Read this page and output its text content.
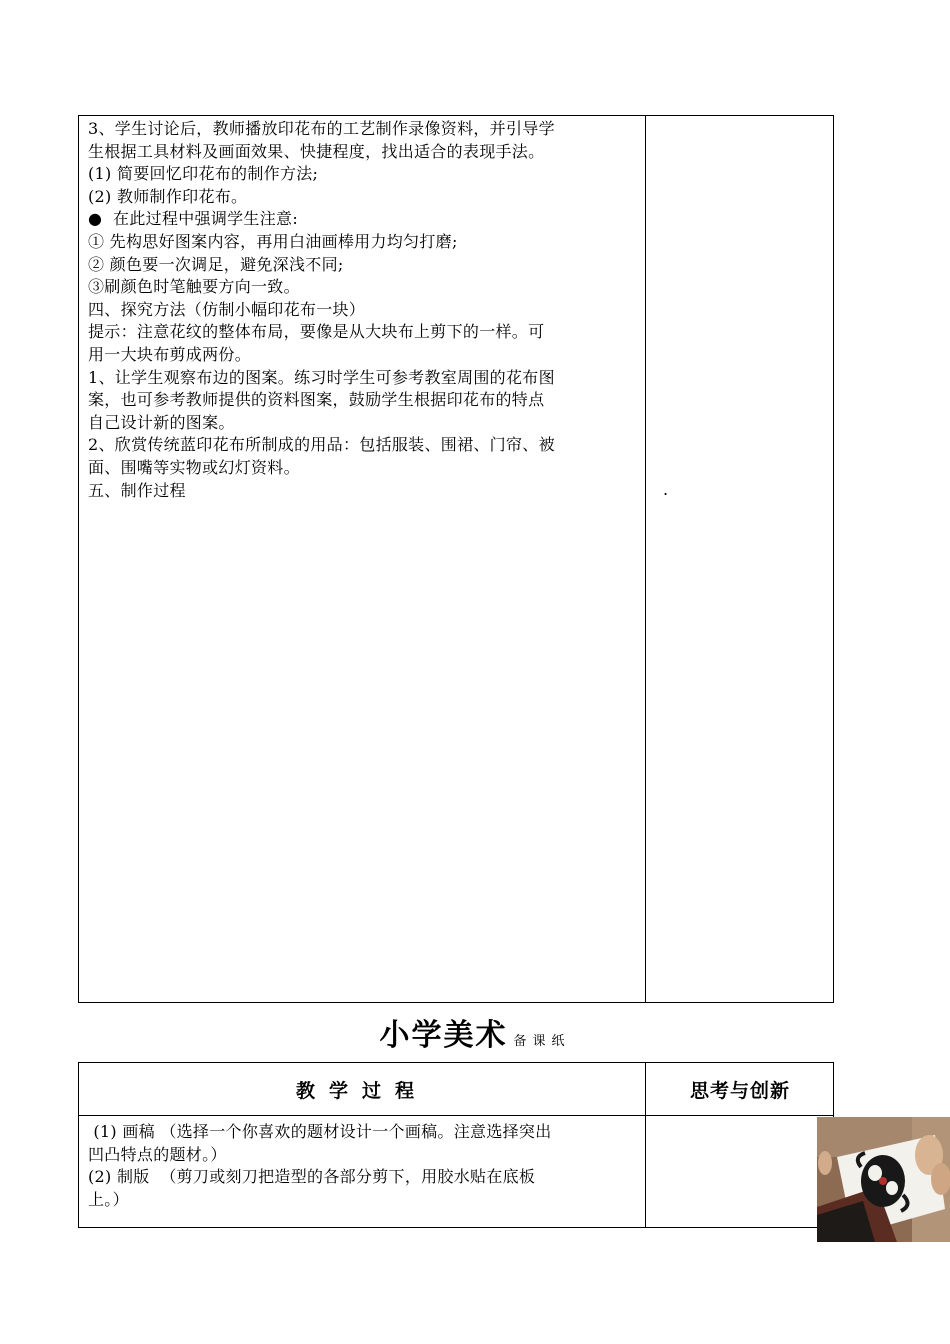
3、学生讨论后，教师播放印花布的工艺制作录像资料，并引导学

生根据工具材料及画面效果、快捷程度，找出适合的表现手法。

(1) 简要回忆印花布的制作方法;

(2) 教师制作印花布。

●  在此过程中强调学生注意:

① 先构思好图案内容，再用白油画棒用力均匀打磨;

② 颜色要一次调足，避免深浅不同;

③刷颜色时笔触要方向一致。

四、探究方法（仿制小幅印花布一块）

提示：注意花纹的整体布局，要像是从大块布上剪下的一样。可

用一大块布剪成两份。

1、让学生观察布边的图案。练习时学生可参考教室周围的花布图

案，也可参考教师提供的资料图案，鼓励学生根据印花布的特点

自己设计新的图案。

2、欣赏传统蓝印花布所制成的用品：包括服装、围裙、门帘、被

面、围嘴等实物或幻灯资料。

五、制作过程	.
小学美术 备课纸
教学过程	思考与创新

(1) 画稿 （选择一个你喜欢的题材设计一个画稿。注意选择突出

凹凸特点的题材。）

(2) 制版  （剪刀或刻刀把造型的各部分剪下，用胶水贴在底板

上。）
